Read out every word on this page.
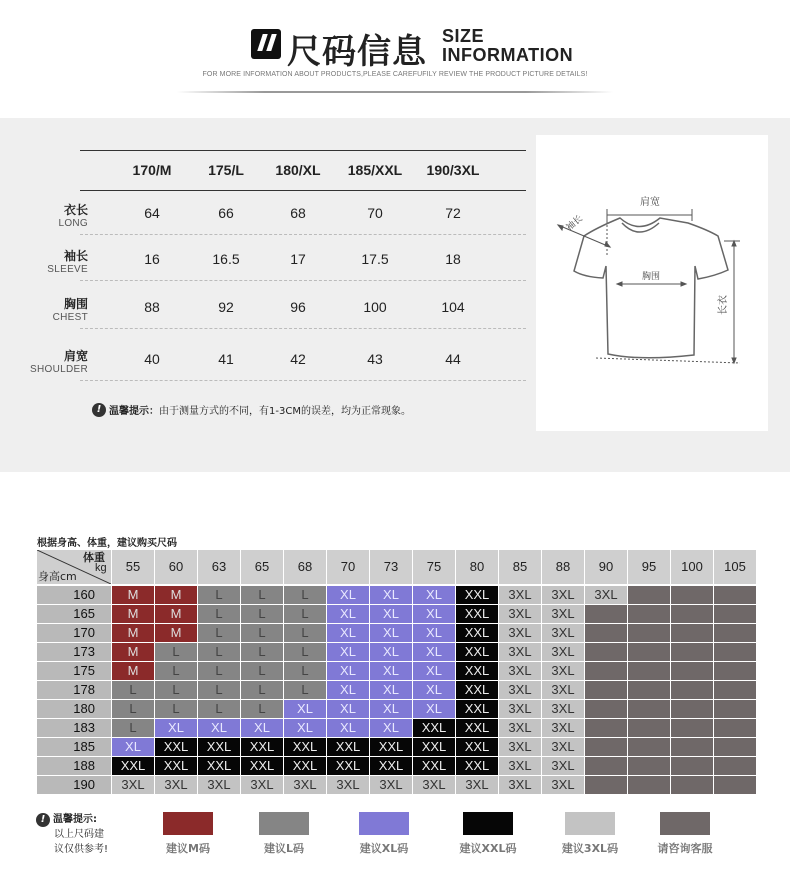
尺码信息 SIZE
INFORMATION
FOR MORE INFORMATION ABOUT PRODUCTS,PLEASE CAREFUFILY REVIEW THE PRODUCT PICTURE DETAILS!
170/M	175/L	180/XL	185/XXL	190/3XL
衣长
LONG
64	66	68	70	72
袖长
SLEEVE
16	16.5	17	17.5	18
胸围
CHEST
88	92	96	100	104
肩宽
SHOULDER
40	41	42	43	44
! 温馨提示： 由于测量方式的不同，有1-3CM的误差，均为正常现象。
肩宽
胸围
袖长
长衣
根据身高、体重，建议购买尺码
体重
kg
身高cm
55	60	63	65	68	70	73	75	80	85	88	90	95	100	105
160	M	M	L	L	L	XL	XL	XL	XXL	3XL	3XL	3XL
165	M	M	L	L	L	XL	XL	XL	XXL	3XL	3XL
170	M	M	L	L	L	XL	XL	XL	XXL	3XL	3XL
173	M	L	L	L	L	XL	XL	XL	XXL	3XL	3XL
175	M	L	L	L	L	XL	XL	XL	XXL	3XL	3XL
178	L	L	L	L	L	XL	XL	XL	XXL	3XL	3XL
180	L	L	L	L	XL	XL	XL	XL	XXL	3XL	3XL
183	L	XL	XL	XL	XL	XL	XL	XXL	XXL	3XL	3XL
185	XL	XXL	XXL	XXL	XXL	XXL	XXL	XXL	XXL	3XL	3XL
188	XXL	XXL	XXL	XXL	XXL	XXL	XXL	XXL	XXL	3XL	3XL
190	3XL	3XL	3XL	3XL	3XL	3XL	3XL	3XL	3XL	3XL	3XL
! 温馨提示:
以上尺码建
议仅供参考!	建议M码	建议L码	建议XL码	建议XXL码	建议3XL码	请咨询客服
